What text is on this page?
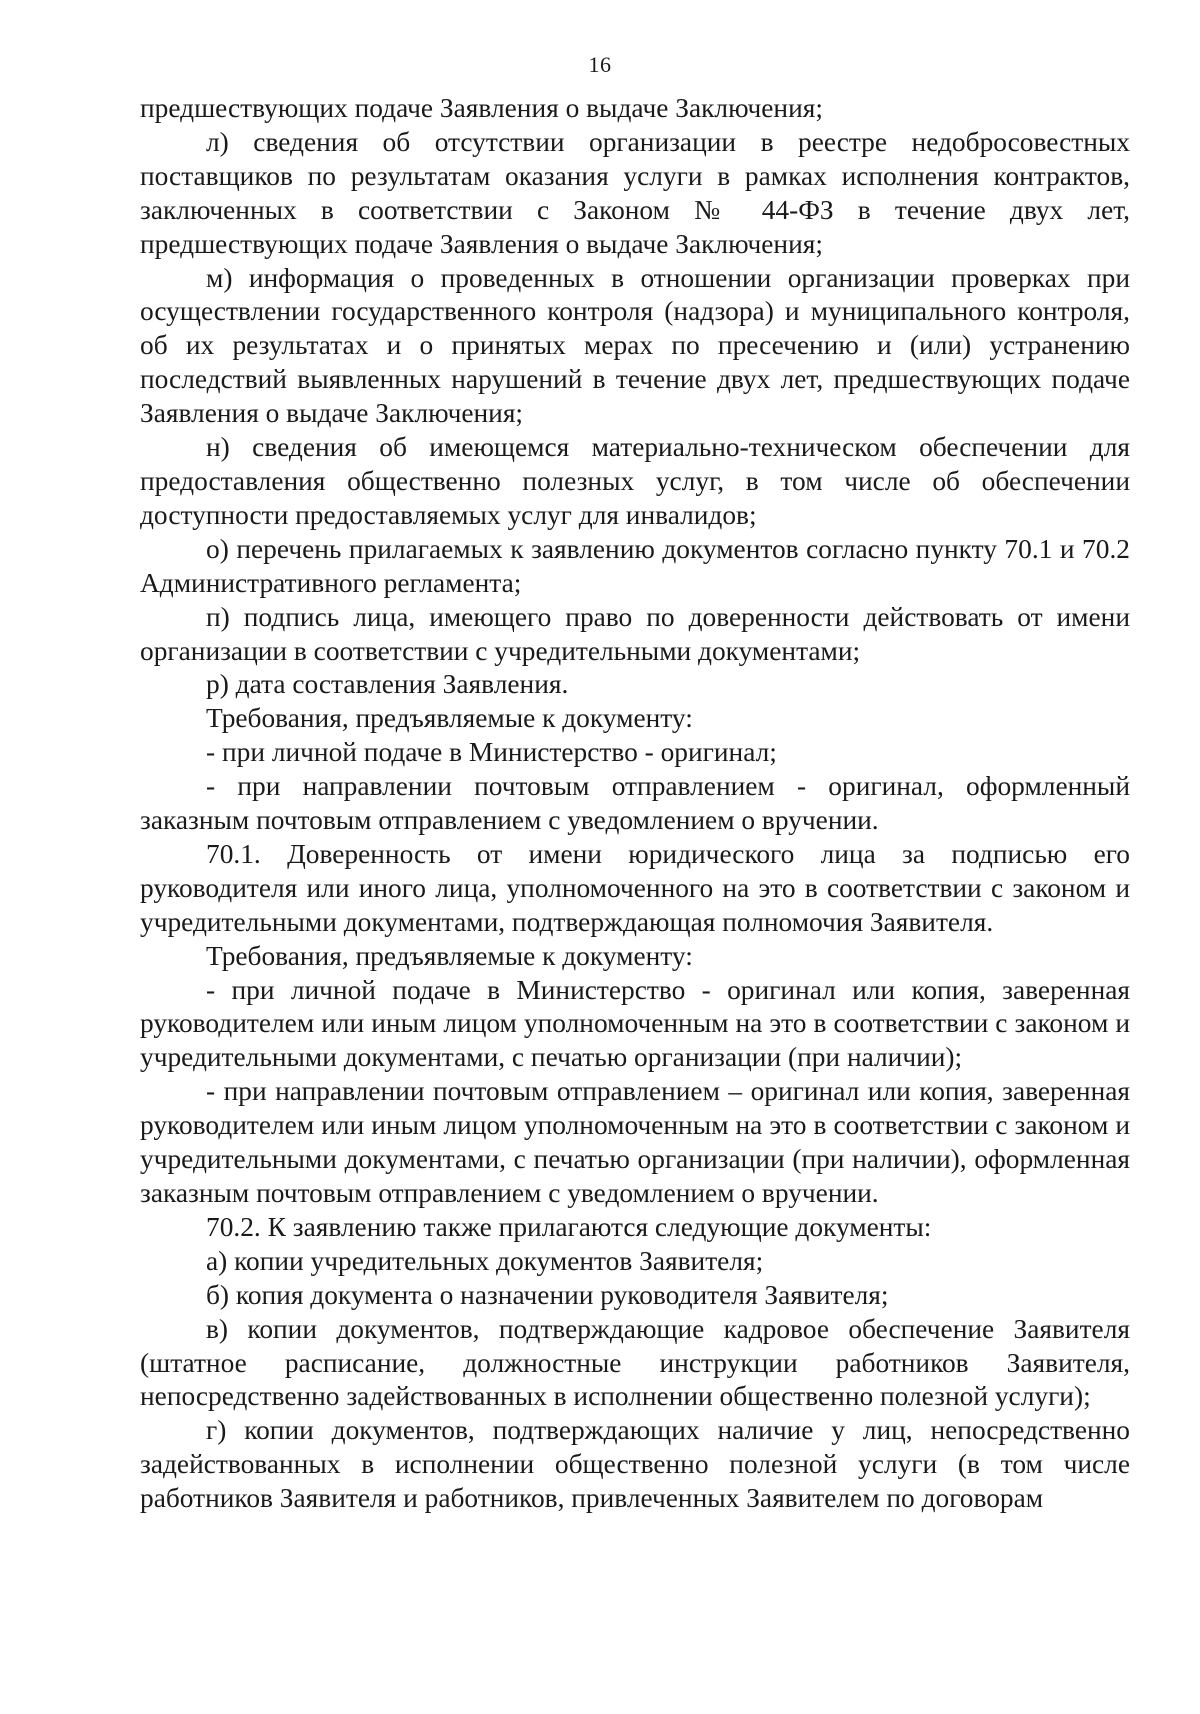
16

предшествующих подаче Заявления о выдаче Заключения;

л) сведения об отсутствии организации в реестре недобросовестных поставщиков по результатам оказания услуги в рамках исполнения контрактов, заключенных в соответствии с Законом № 44-ФЗ в течение двух лет, предшествующих подаче Заявления о выдаче Заключения;

м) информация о проведенных в отношении организации проверках при осуществлении государственного контроля (надзора) и муниципального контроля, об их результатах и о принятых мерах по пресечению и (или) устранению последствий выявленных нарушений в течение двух лет, предшествующих подаче Заявления о выдаче Заключения;

н) сведения об имеющемся материально-техническом обеспечении для предоставления общественно полезных услуг, в том числе об обеспечении доступности предоставляемых услуг для инвалидов;

о) перечень прилагаемых к заявлению документов согласно пункту 70.1 и 70.2 Административного регламента;

п) подпись лица, имеющего право по доверенности действовать от имени организации в соответствии с учредительными документами;

р) дата составления Заявления.

Требования, предъявляемые к документу:

- при личной подаче в Министерство - оригинал;

- при направлении почтовым отправлением - оригинал, оформленный заказным почтовым отправлением с уведомлением о вручении.

70.1. Доверенность от имени юридического лица за подписью его руководителя или иного лица, уполномоченного на это в соответствии с законом и учредительными документами, подтверждающая полномочия Заявителя.

Требования, предъявляемые к документу:

- при личной подаче в Министерство - оригинал или копия, заверенная руководителем или иным лицом уполномоченным на это в соответствии с законом и учредительными документами, с печатью организации (при наличии);

- при направлении почтовым отправлением – оригинал или копия, заверенная руководителем или иным лицом уполномоченным на это в соответствии с законом и учредительными документами, с печатью организации (при наличии), оформленная заказным почтовым отправлением с уведомлением о вручении.

70.2. К заявлению также прилагаются следующие документы:

а) копии учредительных документов Заявителя;

б) копия документа о назначении руководителя Заявителя;

в) копии документов, подтверждающие кадровое обеспечение Заявителя (штатное расписание, должностные инструкции работников Заявителя, непосредственно задействованных в исполнении общественно полезной услуги);

г) копии документов, подтверждающих наличие у лиц, непосредственно задействованных в исполнении общественно полезной услуги (в том числе работников Заявителя и работников, привлеченных Заявителем по договорам
